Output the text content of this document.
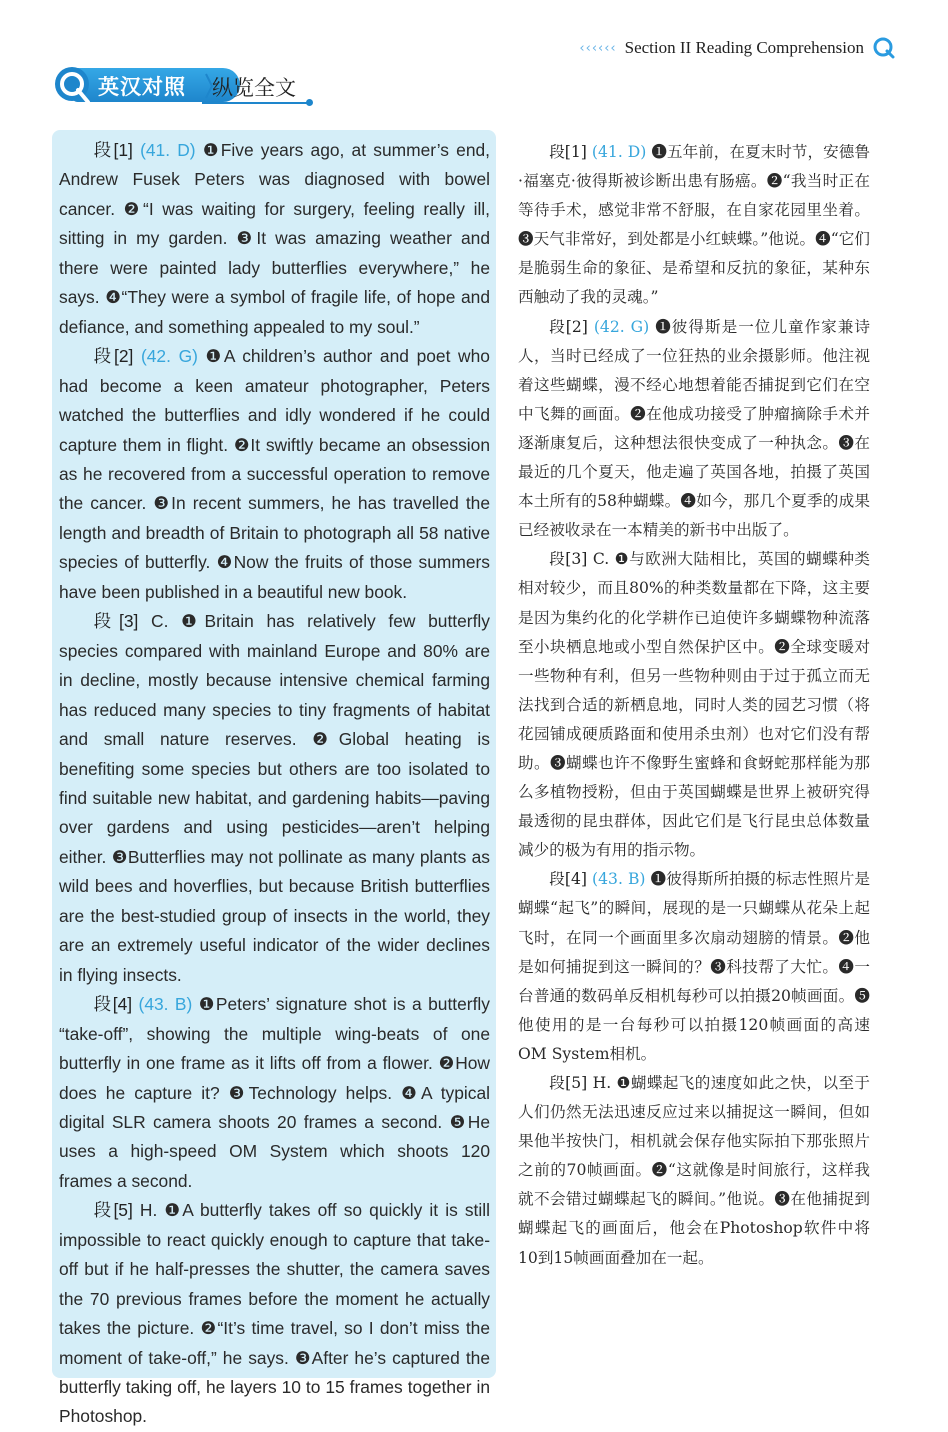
‹‹‹‹‹‹ Section II Reading Comprehension
英汉对照 纵览全文

段[1] (41. D) ❶Five years ago, at summer’s end, Andrew Fusek Peters was diagnosed with bowel cancer. ❷“I was waiting for surgery, feeling really ill, sitting in my garden. ❸It was amazing weather and there were painted lady butterflies everywhere,” he says. ❹“They were a symbol of fragile life, of hope and defiance, and something appealed to my soul.”

段[2] (42. G) ❶A children’s author and poet who had become a keen amateur photographer, Peters watched the butterflies and idly wondered if he could capture them in flight. ❷It swiftly became an obsession as he recovered from a successful operation to remove the cancer. ❸In recent summers, he has travelled the length and breadth of Britain to photograph all 58 native species of butterfly. ❹Now the fruits of those summers have been published in a beautiful new book.

段[3] C. ❶Britain has relatively few butterfly species compared with mainland Europe and 80% are in decline, mostly because intensive chemical farming has reduced many species to tiny fragments of habitat and small nature reserves. ❷Global heating is benefiting some species but others are too isolated to find suitable new habitat, and gardening habits—paving over gardens and using pesticides—aren’t helping either. ❸Butterflies may not pollinate as many plants as wild bees and hoverflies, but because British butterflies are the best-studied group of insects in the world, they are an extremely useful indicator of the wider declines in flying insects.

段[4] (43. B) ❶Peters’ signature shot is a butterfly “take-off”, showing the multiple wing-beats of one butterfly in one frame as it lifts off from a flower. ❷How does he capture it? ❸Technology helps. ❹A typical digital SLR camera shoots 20 frames a second. ❺He uses a high-speed OM System which shoots 120 frames a second.

段[5] H. ❶A butterfly takes off so quickly it is still impossible to react quickly enough to capture that take-off but if he half-presses the shutter, the camera saves the 70 previous frames before the moment he actually takes the picture. ❷“It’s time travel, so I don’t miss the moment of take-off,” he says. ❸After he’s captured the butterfly taking off, he layers 10 to 15 frames together in Photoshop.

段[1] (41. D) ❶五年前，在夏末时节，安德鲁·福塞克·彼得斯被诊断出患有肠癌。❷“我当时正在等待手术，感觉非常不舒服，在自家花园里坐着。❸天气非常好，到处都是小红蛱蝶。”他说。❹“它们是脆弱生命的象征、是希望和反抗的象征，某种东西触动了我的灵魂。”

段[2] (42. G) ❶彼得斯是一位儿童作家兼诗人，当时已经成了一位狂热的业余摄影师。他注视着这些蝴蝶，漫不经心地想着能否捕捉到它们在空中飞舞的画面。❷在他成功接受了肿瘤摘除手术并逐渐康复后，这种想法很快变成了一种执念。❸在最近的几个夏天，他走遍了英国各地，拍摄了英国本土所有的58种蝴蝶。❹如今，那几个夏季的成果已经被收录在一本精美的新书中出版了。

段[3] C. ❶与欧洲大陆相比，英国的蝴蝶种类相对较少，而且80%的种类数量都在下降，这主要是因为集约化的化学耕作已迫使许多蝴蝶物种流落至小块栖息地或小型自然保护区中。❷全球变暖对一些物种有利，但另一些物种则由于过于孤立而无法找到合适的新栖息地，同时人类的园艺习惯（将花园铺成硬质路面和使用杀虫剂）也对它们没有帮助。❸蝴蝶也许不像野生蜜蜂和食蚜蛇那样能为那么多植物授粉，但由于英国蝴蝶是世界上被研究得最透彻的昆虫群体，因此它们是飞行昆虫总体数量减少的极为有用的指示物。

段[4] (43. B) ❶彼得斯所拍摄的标志性照片是蝴蝶“起飞”的瞬间，展现的是一只蝴蝶从花朵上起飞时，在同一个画面里多次扇动翅膀的情景。❷他是如何捕捉到这一瞬间的？❸科技帮了大忙。❹一台普通的数码单反相机每秒可以拍摄20帧画面。❺他使用的是一台每秒可以拍摄120帧画面的高速OM System相机。

段[5] H. ❶蝴蝶起飞的速度如此之快，以至于人们仍然无法迅速反应过来以捕捉这一瞬间，但如果他半按快门，相机就会保存他实际拍下那张照片之前的70帧画面。❷“这就像是时间旅行，这样我就不会错过蝴蝶起飞的瞬间。”他说。❸在他捕捉到蝴蝶起飞的画面后，他会在Photoshop软件中将10到15帧画面叠加在一起。
